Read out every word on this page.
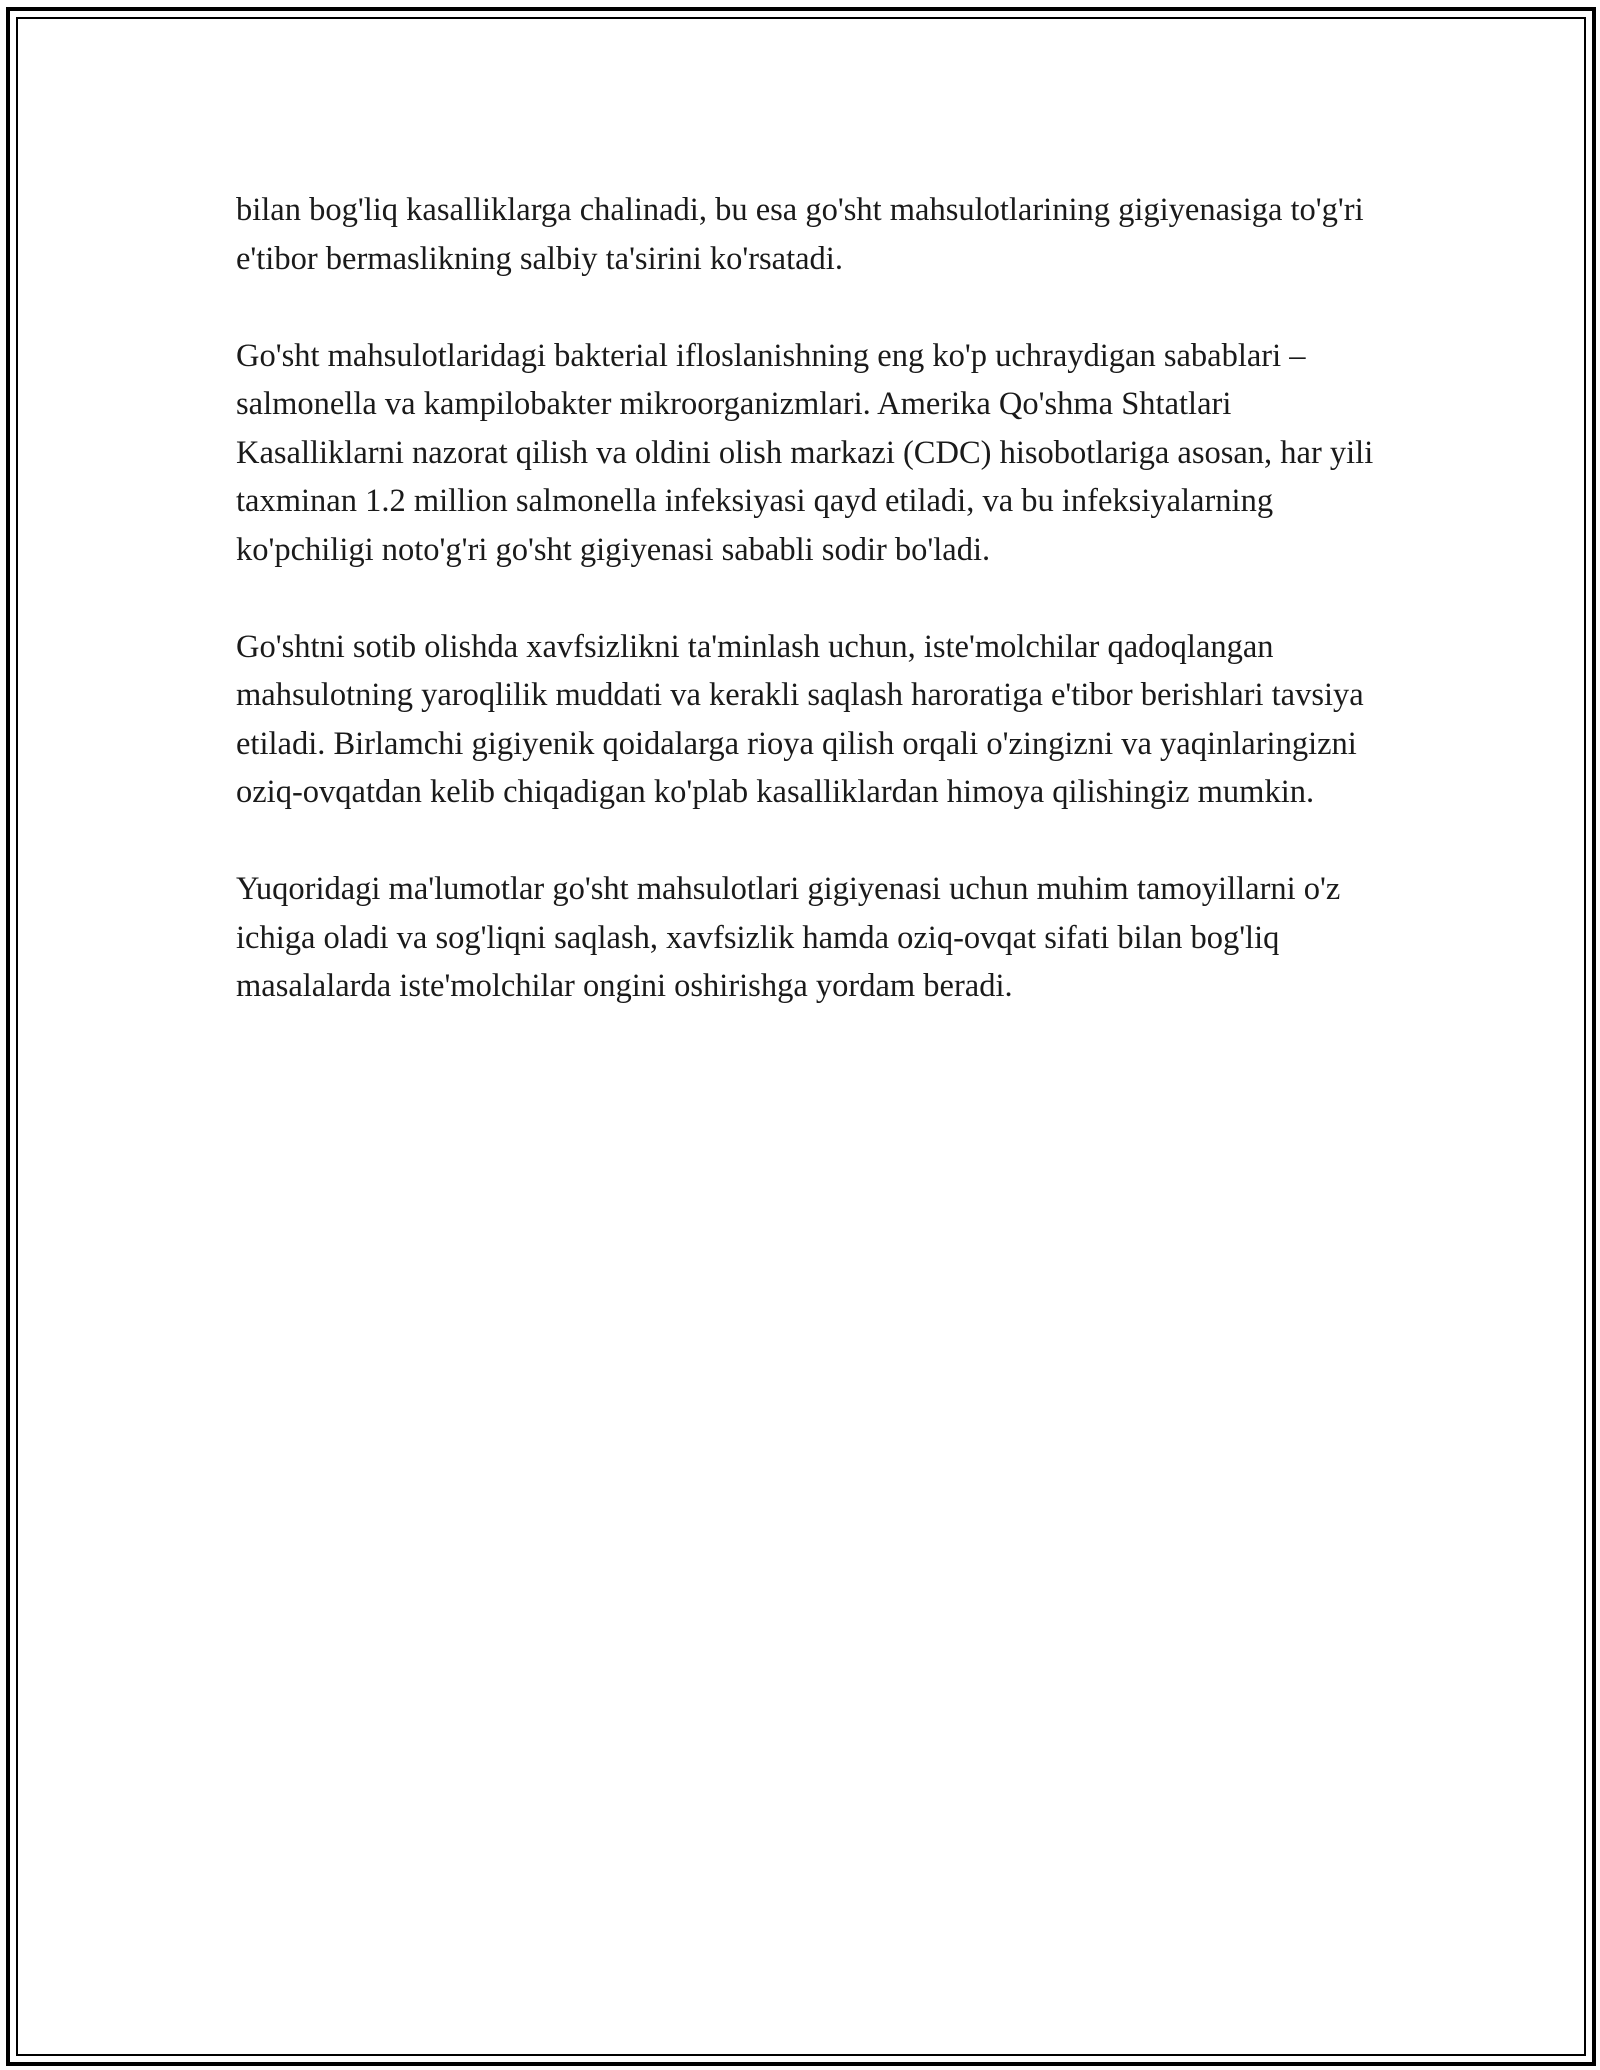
bilan bog'liq kasalliklarga chalinadi, bu esa go'sht mahsulotlarining gigiyenasiga to'g'ri e'tibor bermaslikning salbiy ta'sirini ko'rsatadi.

Go'sht mahsulotlaridagi bakterial ifloslanishning eng ko'p uchraydigan sabablari – salmonella va kampilobakter mikroorganizmlari. Amerika Qo'shma Shtatlari Kasalliklarni nazorat qilish va oldini olish markazi (CDC) hisobotlariga asosan, har yili taxminan 1.2 million salmonella infeksiyasi qayd etiladi, va bu infeksiyalarning ko'pchiligi noto'g'ri go'sht gigiyenasi sababli sodir bo'ladi.

Go'shtni sotib olishda xavfsizlikni ta'minlash uchun, iste'molchilar qadoqlangan mahsulotning yaroqlilik muddati va kerakli saqlash haroratiga e'tibor berishlari tavsiya etiladi. Birlamchi gigiyenik qoidalarga rioya qilish orqali o'zingizni va yaqinlaringizni oziq-ovqatdan kelib chiqadigan ko'plab kasalliklardan himoya qilishingiz mumkin.

Yuqoridagi ma'lumotlar go'sht mahsulotlari gigiyenasi uchun muhim tamoyillarni o'z ichiga oladi va sog'liqni saqlash, xavfsizlik hamda oziq-ovqat sifati bilan bog'liq masalalarda iste'molchilar ongini oshirishga yordam beradi.
